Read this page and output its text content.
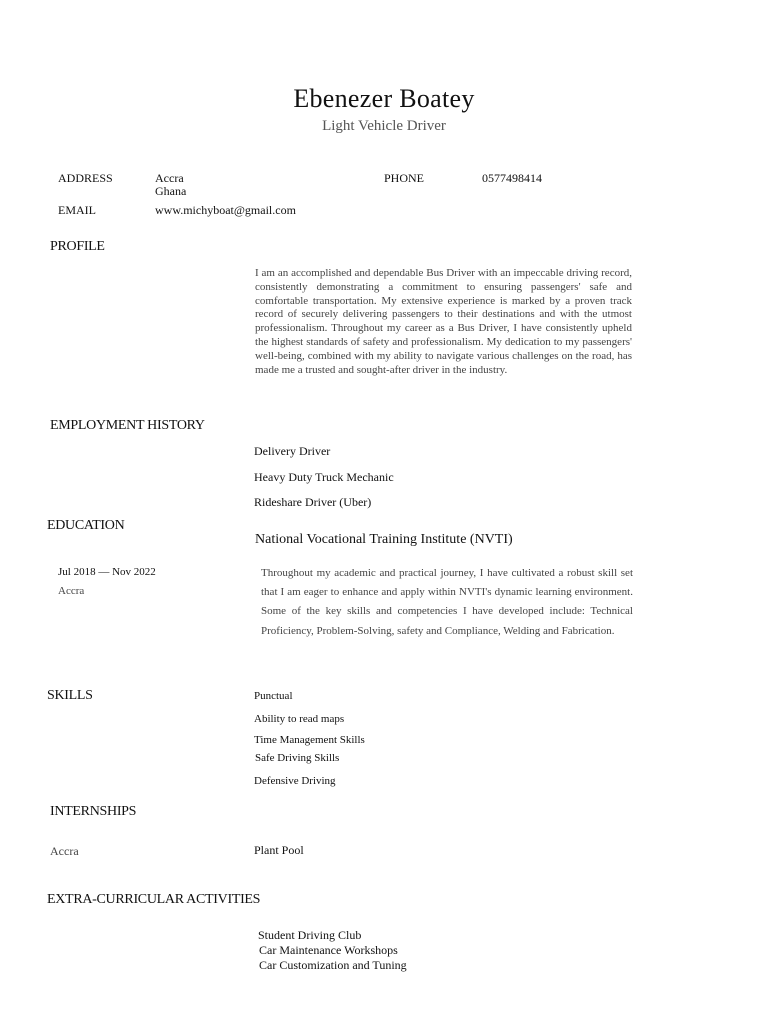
Ebenezer Boatey
Light Vehicle Driver
ADDRESS	Accra
Ghana
PHONE	0577498414
EMAIL	www.michyboat@gmail.com
PROFILE
I am an accomplished and dependable Bus Driver with an impeccable driving record, consistently demonstrating a commitment to ensuring passengers' safe and comfortable transportation. My extensive experience is marked by a proven track record of securely delivering passengers to their destinations and with the utmost professionalism. Throughout my career as a Bus Driver, I have consistently upheld the highest standards of safety and professionalism. My dedication to my passengers' well-being, combined with my ability to navigate various challenges on the road, has made me a trusted and sought-after driver in the industry.
EMPLOYMENT HISTORY
Delivery Driver
Heavy Duty Truck Mechanic
Rideshare Driver (Uber)
EDUCATION
National Vocational Training Institute (NVTI)
Jul 2018 — Nov 2022
Accra
Throughout my academic and practical journey, I have cultivated a robust skill set that I am eager to enhance and apply within NVTI's dynamic learning environment. Some of the key skills and competencies I have developed include: Technical Proficiency, Problem-Solving, safety and Compliance, Welding and Fabrication.
SKILLS	Punctual
Ability to read maps
Time Management Skills
Safe Driving Skills
Defensive Driving
INTERNSHIPS
Accra	Plant Pool
EXTRA-CURRICULAR ACTIVITIES
Student Driving Club
Car Maintenance Workshops
Car Customization and Tuning
